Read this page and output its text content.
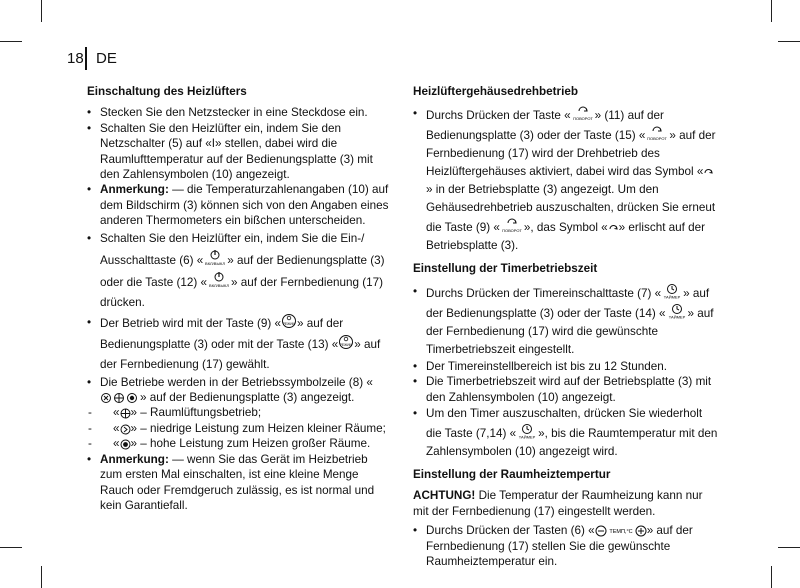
18 DE
Einschaltung des Heizlüfters
• Stecken Sie den Netzstecker in eine Steckdose ein.
• Schalten Sie den Heizlüfter ein, indem Sie den Netzschalter (5) auf «I» stellen, dabei wird die Raumlufttemperatur auf der Bedienungsplatte (3) mit den Zahlensymbolen (10) angezeigt.
• Anmerkung: — die Temperaturzahlenangaben (10) auf dem Bildschirm (3) können sich von den Angaben eines anderen Thermometers ein bißchen unterscheiden.
• Schalten Sie den Heizlüfter ein, indem Sie die Ein-/ Ausschalttaste (6) « ВКЛ/ВЫКЛ » auf der Bedienungsplatte (3) oder die Taste (12) « ВКЛ/ВЫКЛ » auf der Fernbedienung (17) drücken.
• Der Betrieb wird mit der Taste (9) « РЕЖИМ » auf der Bedienungsplatte (3) oder mit der Taste (13) « РЕЖИМ » auf der Fernbedienung (17) gewählt.
• Die Betriebe werden in der Betriebssymbolzeile (8) « » auf der Bedienungsplatte (3) angezeigt.
- « » – Raumlüftungsbetrieb;
- « » – niedrige Leistung zum Heizen kleiner Räume;
- « » – hohe Leistung zum Heizen großer Räume.
• Anmerkung: — wenn Sie das Gerät im Heizbetrieb zum ersten Mal einschalten, ist eine kleine Menge Rauch oder Fremdgeruch zulässig, es ist normal und kein Garantiefall.
Heizlüftergehäusedrehbetrieb
• Durchs Drücken der Taste « ПОВОРОТ » (11) auf der Bedienungsplatte (3) oder der Taste (15) « ПОВОРОТ » auf der Fernbedienung (17) wird der Drehbetrieb des Heizlüftergehäuses aktiviert, dabei wird das Symbol «» in der Betriebsplatte (3) angezeigt. Um den Gehäusedrehbetrieb auszuschalten, drücken Sie erneut die Taste (9) « ПОВОРОТ », das Symbol « » erlischt auf der Betriebsplatte (3).
Einstellung der Timerbetriebszeit
• Durchs Drücken der Timereinschalttaste (7) « ТАЙМЕР » auf der Bedienungsplatte (3) oder der Taste (14) « ТАЙМЕР » auf der Fernbedienung (17) wird die gewünschte Timerbetriebszeit eingestellt.
• Der Timereinstellbereich ist bis zu 12 Stunden.
• Die Timerbetriebszeit wird auf der Betriebsplatte (3) mit den Zahlensymbolen (10) angezeigt.
• Um den Timer auszuschalten, drücken Sie wiederholt die Taste (7,14) « ТАЙМЕР », bis die Raumtemperatur mit den Zahlensymbolen (10) angezeigt wird.
Einstellung der Raumheiztempertur

ACHTUNG! Die Temperatur der Raumheizung kann nur mit der Fernbedienung (17) eingestellt werden.

• Durchs Drücken der Tasten (6) «	TEMП,°C » auf der Fernbedienung (17) stellen Sie die gewünschte Raumheiztemperatur ein.
